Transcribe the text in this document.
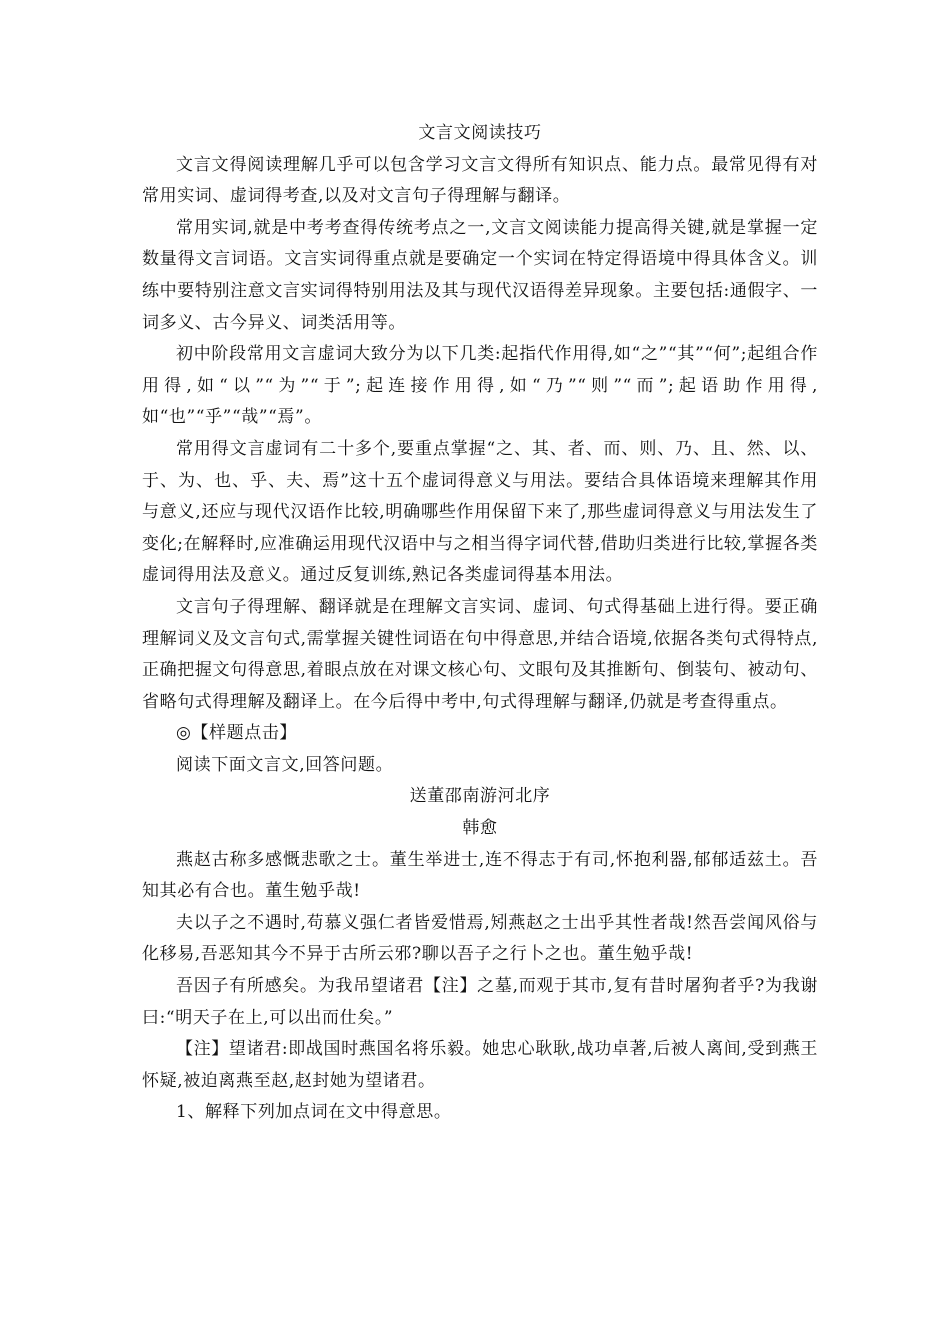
文言文阅读技巧

文言文得阅读理解几乎可以包含学习文言文得所有知识点、能力点。最常见得有对常用实词、虚词得考查,以及对文言句子得理解与翻译。

常用实词,就是中考考查得传统考点之一,文言文阅读能力提高得关键,就是掌握一定数量得文言词语。文言实词得重点就是要确定一个实词在特定得语境中得具体含义。训练中要特别注意文言实词得特别用法及其与现代汉语得差异现象。主要包括:通假字、一词多义、古今异义、词类活用等。

初中阶段常用文言虚词大致分为以下几类:起指代作用得,如“之”“其”“何”;起组合作用得,如“以”“为”“于”;起连接作用得,如“乃”“则”“而”;起语助作用得,如“也”“乎”“哉”“焉”。

常用得文言虚词有二十多个,要重点掌握“之、其、者、而、则、乃、且、然、以、于、为、也、乎、夫、焉”这十五个虚词得意义与用法。要结合具体语境来理解其作用与意义,还应与现代汉语作比较,明确哪些作用保留下来了,那些虚词得意义与用法发生了变化;在解释时,应准确运用现代汉语中与之相当得字词代替,借助归类进行比较,掌握各类虚词得用法及意义。通过反复训练,熟记各类虚词得基本用法。

文言句子得理解、翻译就是在理解文言实词、虚词、句式得基础上进行得。要正确理解词义及文言句式,需掌握关键性词语在句中得意思,并结合语境,依据各类句式得特点,正确把握文句得意思,着眼点放在对课文核心句、文眼句及其推断句、倒装句、被动句、省略句式得理解及翻译上。在今后得中考中,句式得理解与翻译,仍就是考查得重点。

◎【样题点击】

阅读下面文言文,回答问题。

送董邵南游河北序

韩愈

燕赵古称多感慨悲歌之士。董生举进士,连不得志于有司,怀抱利器,郁郁适兹土。吾知其必有合也。董生勉乎哉!

夫以子之不遇时,苟慕义强仁者皆爱惜焉,矧燕赵之士出乎其性者哉!然吾尝闻风俗与化移易,吾恶知其今不异于古所云邪?聊以吾子之行卜之也。董生勉乎哉!

吾因子有所感矣。为我吊望诸君【注】之墓,而观于其市,复有昔时屠狗者乎?为我谢曰:“明天子在上,可以出而仕矣。”

【注】望诸君:即战国时燕国名将乐毅。她忠心耿耿,战功卓著,后被人离间,受到燕王怀疑,被迫离燕至赵,赵封她为望诸君。

1、解释下列加点词在文中得意思。
